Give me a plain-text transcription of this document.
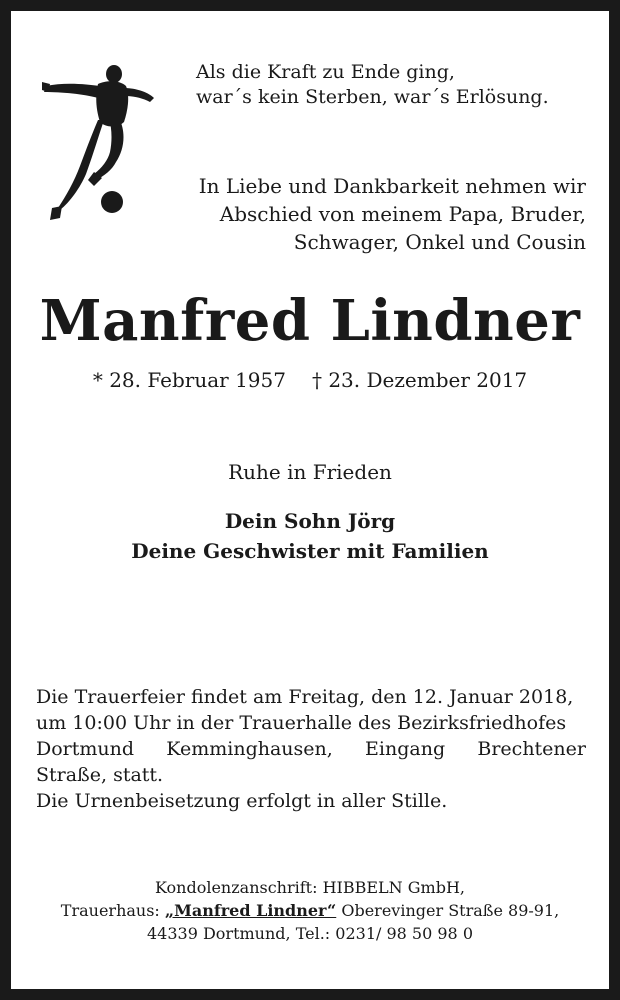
Als die Kraft zu Ende ging,
war´s kein Sterben, war´s Erlösung.
In Liebe und Dankbarkeit nehmen wir
Abschied von meinem Papa, Bruder,
Schwager, Onkel und Cousin
Manfred Lindner
* 28. Februar 1957 † 23. Dezember 2017
Ruhe in Frieden
Dein Sohn Jörg
Deine Geschwister mit Familien

Die Trauerfeier findet am Freitag, den 12. Januar 2018,

um 10:00 Uhr in der Trauerhalle des Bezirksfriedhofes

Dortmund Kemminghausen, Eingang Brechtener

Straße, statt.

Die Urnenbeisetzung erfolgt in aller Stille.

Kondolenzanschrift: HIBBELN GmbH,
Trauerhaus: „Manfred Lindner“ Oberevinger Straße 89-91,
44339 Dortmund, Tel.: 0231/ 98 50 98 0
